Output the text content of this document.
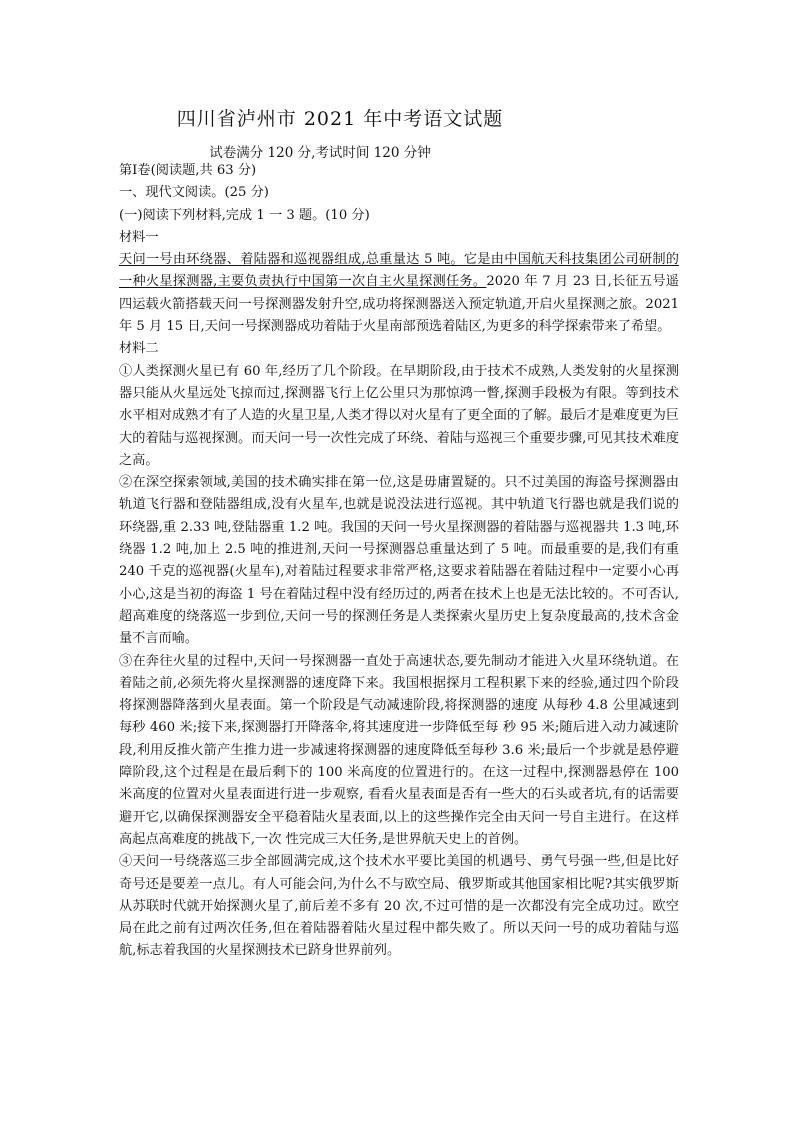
四川省泸州市 2021 年中考语文试题
试卷满分 120 分,考试时间 120 分钟

第Ⅰ卷(阅读题,共 63 分)

一、现代文阅读。(25 分)

(一)阅读下列材料,完成 1 一 3 题。(10 分)

材料一

天问一号由环绕器、着陆器和巡视器组成,总重量达 5 吨。它是由中国航天科技集团公司研制的一种火星探测器,主要负责执行中国第一次自主火星探测任务。2020 年 7 月 23 日,长征五号遥四运载火箭搭载天问一号探测器发射升空,成功将探测器送入预定轨道,开启火星探测之旅。2021 年 5 月 15 日,天问一号探测器成功着陆于火星南部预选着陆区,为更多的科学探索带来了希望。

材料二

①人类探测火星已有 60 年,经历了几个阶段。在早期阶段,由于技术不成熟,人类发射的火星探测器只能从火星远处飞掠而过,探测器飞行上亿公里只为那惊鸿一瞥,探测手段极为有限。等到技术水平相对成熟才有了人造的火星卫星,人类才得以对火星有了更全面的了解。最后才是难度更为巨大的着陆与巡视探测。而天问一号一次性完成了环绕、着陆与巡视三个重要步骤,可见其技术难度之高。

②在深空探索领域,美国的技术确实排在第一位,这是毋庸置疑的。只不过美国的海盗号探测器由轨道飞行器和登陆器组成,没有火星车,也就是说没法进行巡视。其中轨道飞行器也就是我们说的环绕器,重 2.33 吨,登陆器重 1.2 吨。我国的天问一号火星探测器的着陆器与巡视器共 1.3 吨,环绕器 1.2 吨,加上 2.5 吨的推进剂,天问一号探测器总重量达到了 5 吨。而最重要的是,我们有重 240 千克的巡视器(火星车),对着陆过程要求非常严格,这要求着陆器在着陆过程中一定要小心再小心,这是当初的海盗 1 号在着陆过程中没有经历过的,两者在技术上也是无法比较的。不可否认,超高难度的绕落巡一步到位,天问一号的探测任务是人类探索火星历史上复杂度最高的,技术含金量不言而喻。

③在奔往火星的过程中,天问一号探测器一直处于高速状态,要先制动才能进入火星环绕轨道。在着陆之前,必须先将火星探测器的速度降下来。我国根据探月工程积累下来的经验,通过四个阶段将探测器降落到火星表面。第一个阶段是气动减速阶段,将探测器的速度 从每秒 4.8 公里减速到每秒 460 米;接下来,探测器打开降落伞,将其速度进一步降低至每 秒 95 米;随后进入动力减速阶段,利用反推火箭产生推力进一步减速将探测器的速度降低至每秒 3.6 米;最后一个步就是悬停避障阶段,这个过程是在最后剩下的 100 米高度的位置进行的。在这一过程中,探测器悬停在 100 米高度的位置对火星表面进行进一步观察, 看看火星表面是否有一些大的石头或者坑,有的话需要避开它,以确保探测器安全平稳着陆火星表面,以上的这些操作完全由天问一号自主进行。在这样高起点高难度的挑战下,一次 性完成三大任务,是世界航天史上的首例。

④天问一号绕落巡三步全部圆满完成,这个技术水平要比美国的机遇号、勇气号强一些,但是比好奇号还是要差一点儿。有人可能会问,为什么不与欧空局、俄罗斯或其他国家相比呢?其实俄罗斯从苏联时代就开始探测火星了,前后差不多有 20 次,不过可惜的是一次都没有完全成功过。欧空局在此之前有过两次任务,但在着陆器着陆火星过程中都失败了。所以天问一号的成功着陆与巡航,标志着我国的火星探测技术已跻身世界前列。
